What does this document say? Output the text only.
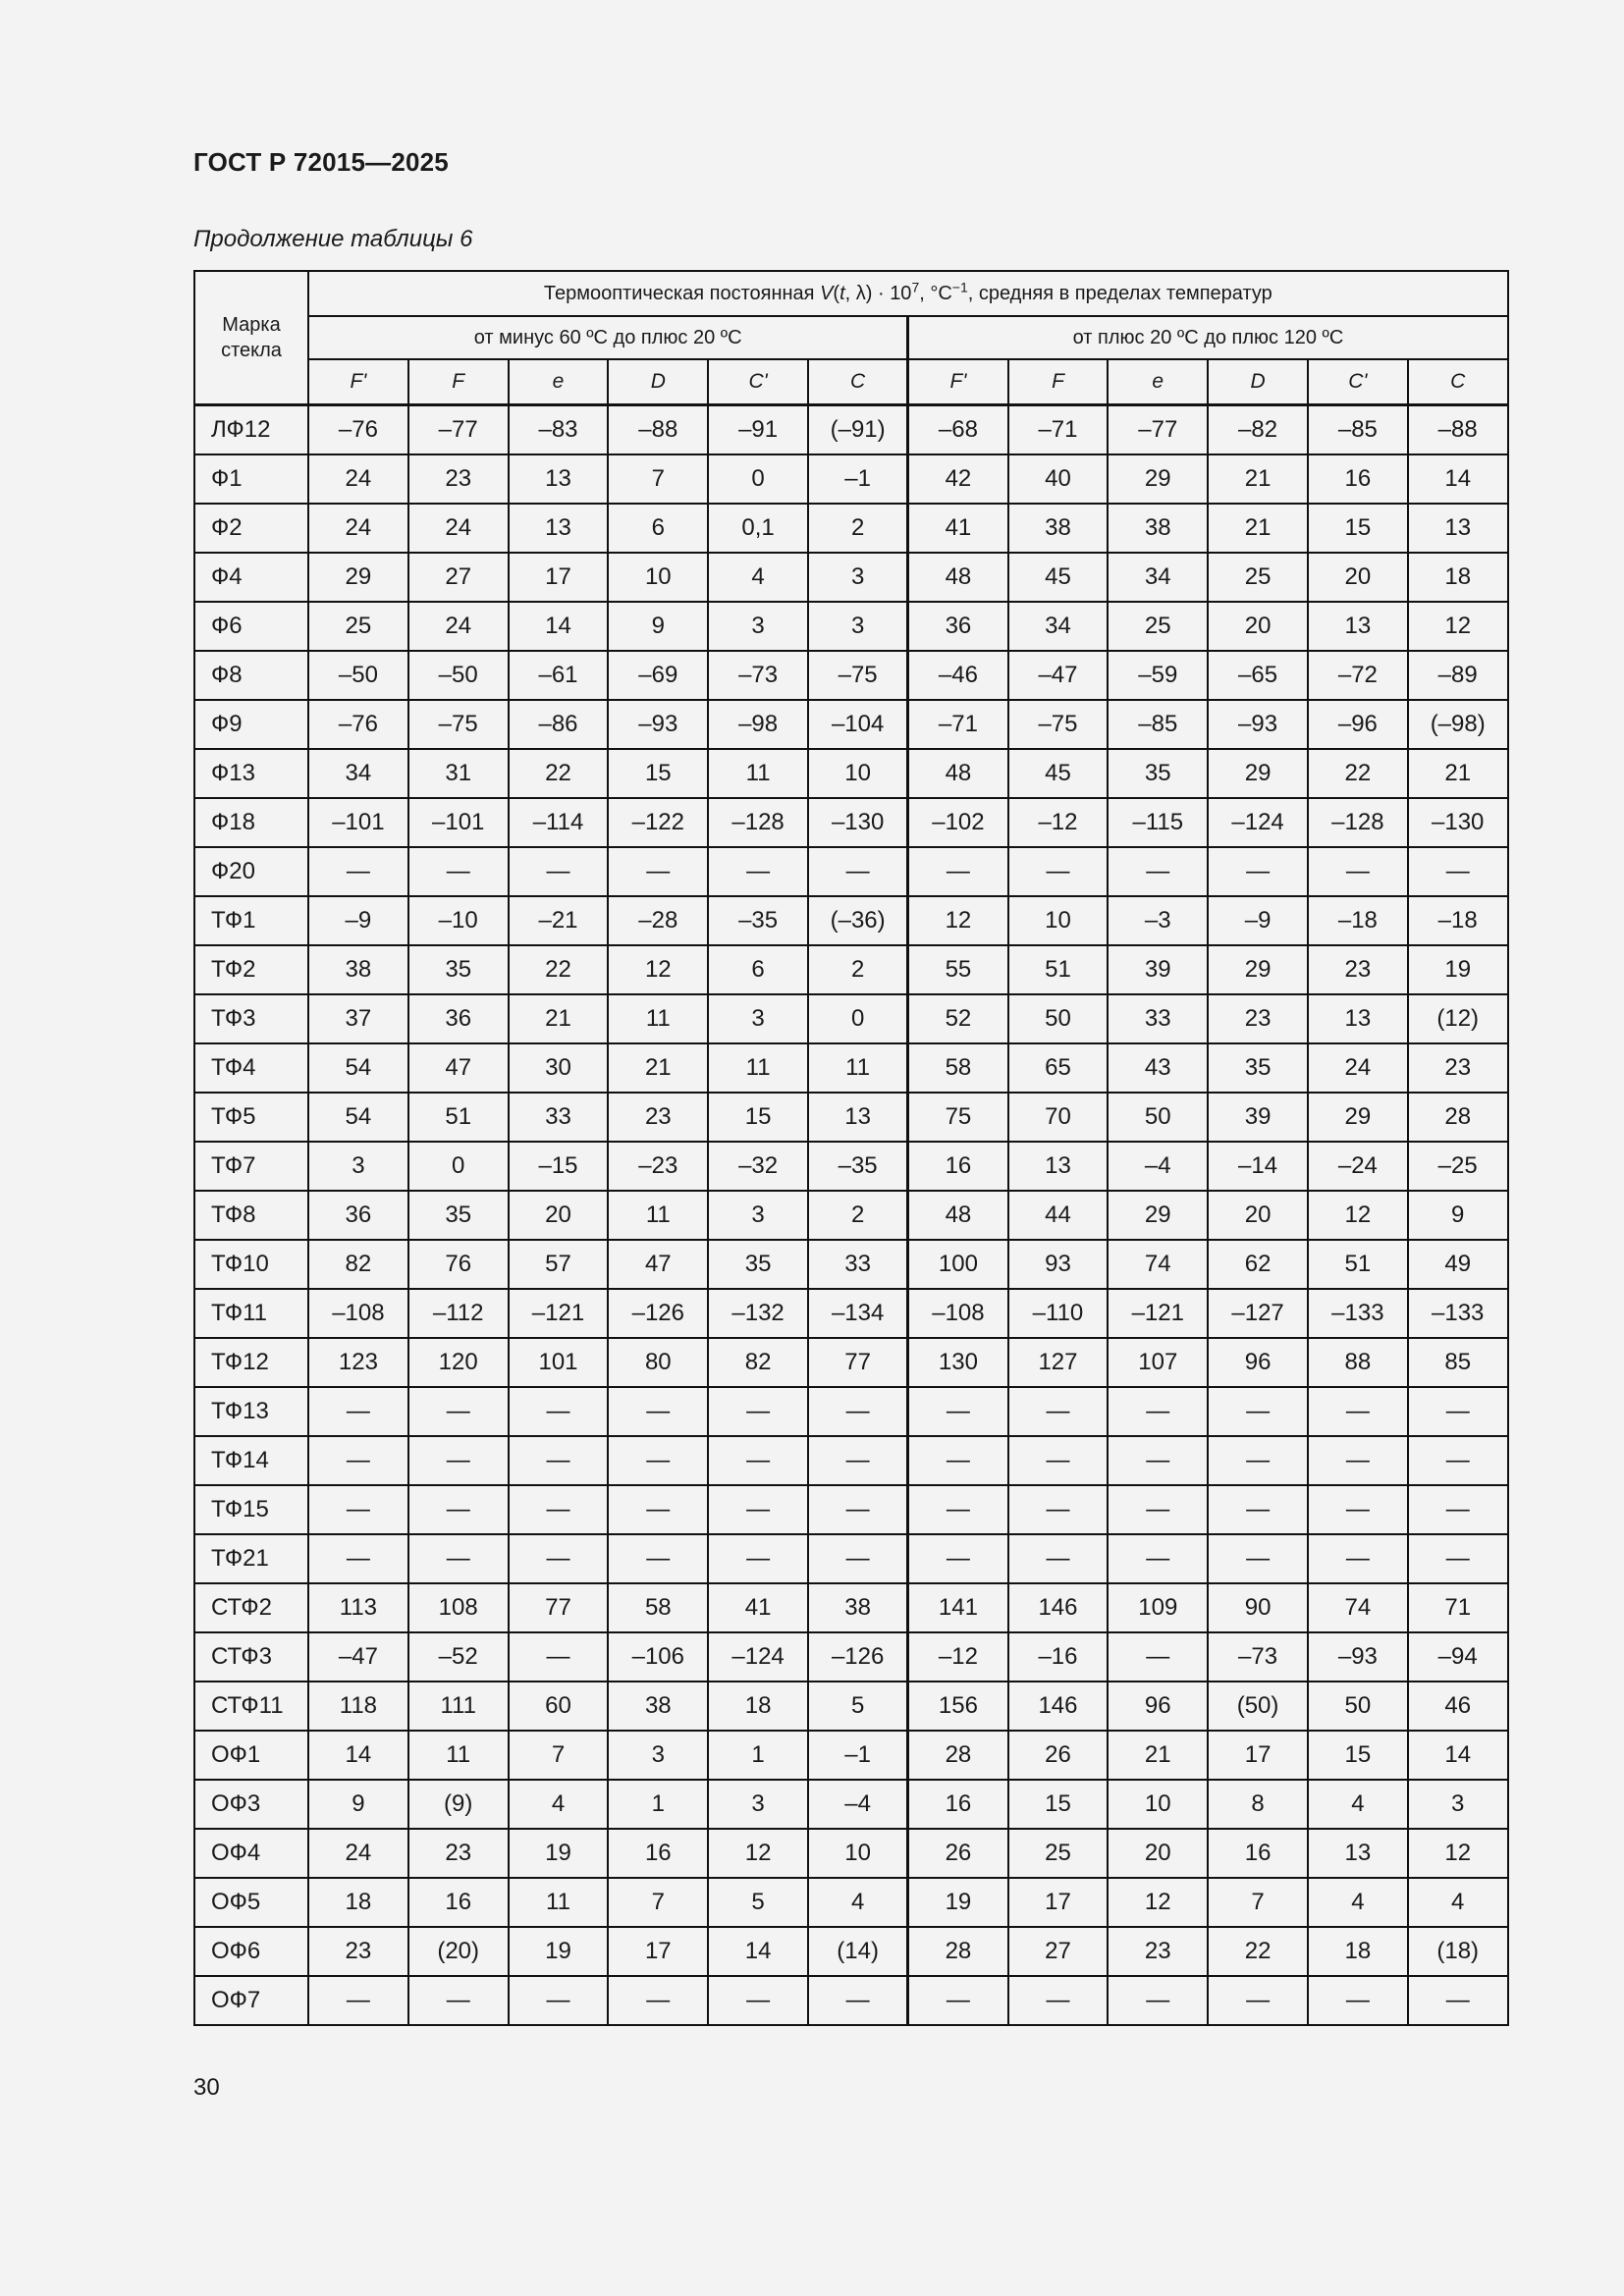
ГОСТ Р 72015—2025
Продолжение таблицы 6
Марка стекла	Термооптическая постоянная V(t, $\lambda) \cdot 10^7$, $^\circ С^{-1}$, средняя в пределах температур											
	от минус 60 ºС до плюс 20 ºС						от плюс 20 ºС до плюс 120 ºС					
	F'	F	e	D	C'	C	F'	F	e	D	C'	C
ЛФ12	–76	–77	–83	–88	–91	(–91)	–68	–71	–77	–82	–85	–88
Ф1	24	23	13	7	0	–1	42	40	29	21	16	14
Ф2	24	24	13	6	0,1	2	41	38	38	21	15	13
Ф4	29	27	17	10	4	3	48	45	34	25	20	18
Ф6	25	24	14	9	3	3	36	34	25	20	13	12
Ф8	–50	–50	–61	–69	–73	–75	–46	–47	–59	–65	–72	–89
Ф9	–76	–75	–86	–93	–98	–104	–71	–75	–85	–93	–96	(–98)
Ф13	34	31	22	15	11	10	48	45	35	29	22	21
Ф18	–101	–101	–114	–122	–128	–130	–102	–12	–115	–124	–128	–130
Ф20	—	—	—	—	—	—	—	—	—	—	—	—
ТФ1	–9	–10	–21	–28	–35	(–36)	12	10	–3	–9	–18	–18
ТФ2	38	35	22	12	6	2	55	51	39	29	23	19
ТФ3	37	36	21	11	3	0	52	50	33	23	13	(12)
ТФ4	54	47	30	21	11	11	58	65	43	35	24	23
ТФ5	54	51	33	23	15	13	75	70	50	39	29	28
ТФ7	3	0	–15	–23	–32	–35	16	13	–4	–14	–24	–25
ТФ8	36	35	20	11	3	2	48	44	29	20	12	9
ТФ10	82	76	57	47	35	33	100	93	74	62	51	49
ТФ11	–108	–112	–121	–126	–132	–134	–108	–110	–121	–127	–133	–133
ТФ12	123	120	101	80	82	77	130	127	107	96	88	85
ТФ13	—	—	—	—	—	—	—	—	—	—	—	—
ТФ14	—	—	—	—	—	—	—	—	—	—	—	—
ТФ15	—	—	—	—	—	—	—	—	—	—	—	—
ТФ21	—	—	—	—	—	—	—	—	—	—	—	—
СТФ2	113	108	77	58	41	38	141	146	109	90	74	71
СТФ3	–47	–52	—	–106	–124	–126	–12	–16	—	–73	–93	–94
СТФ11	118	111	60	38	18	5	156	146	96	(50)	50	46
ОФ1	14	11	7	3	1	–1	28	26	21	17	15	14
ОФ3	9	(9)	4	1	3	–4	16	15	10	8	4	3
ОФ4	24	23	19	16	12	10	26	25	20	16	13	12
ОФ5	18	16	11	7	5	4	19	17	12	7	4	4
ОФ6	23	(20)	19	17	14	(14)	28	27	23	22	18	(18)
ОФ7	—	—	—	—	—	—	—	—	—	—	—	—
30
